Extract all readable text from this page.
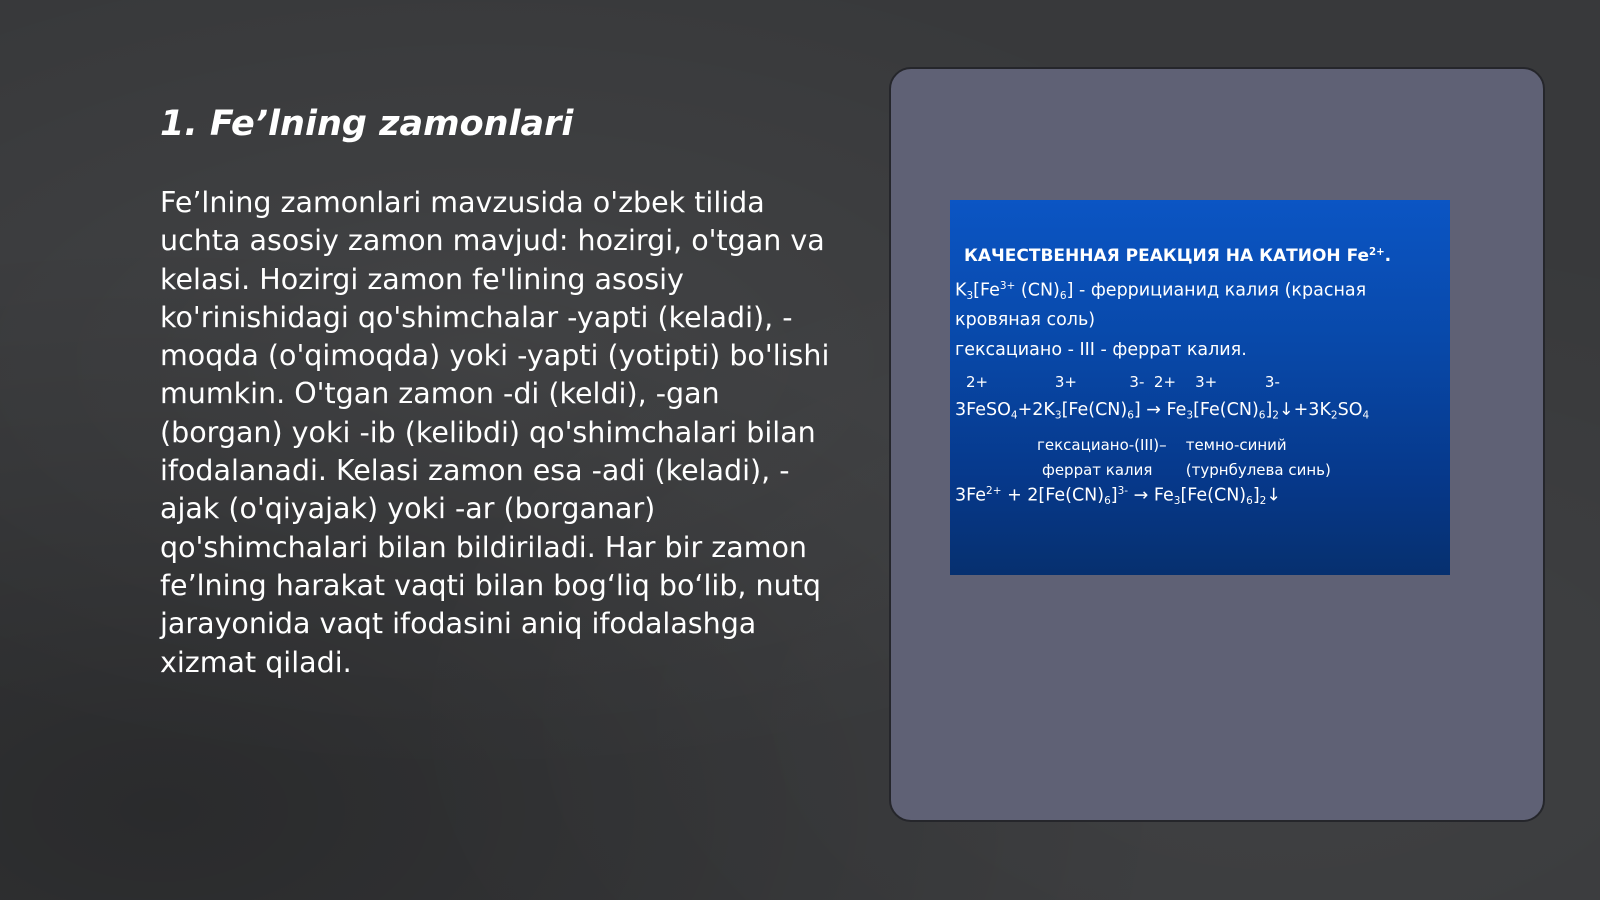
1. Fe’lning zamonlari

Fe’lning zamonlari mavzusida o'zbek tilida uchta asosiy zamon mavjud: hozirgi, o'tgan va kelasi. Hozirgi zamon fe'lining asosiy ko'rinishidagi qo'shimchalar -yapti (keladi), -moqda (o'qimoqda) yoki -yapti (yotipti) bo'lishi mumkin. O'tgan zamon -di (keldi), -gan (borgan) yoki -ib (kelibdi) qo'shimchalari bilan ifodalanadi. Kelasi zamon esa -adi (keladi), -ajak (o'qiyajak) yoki -ar (borganar) qo'shimchalari bilan bildiriladi. Har bir zamon fe’lning harakat vaqti bilan bog‘liq bo‘lib, nutq jarayonida vaqt ifodasini aniq ifodalashga xizmat qiladi.

КАЧЕСТВЕННАЯ РЕАКЦИЯ НА КАТИОН $Fe^{2+}$.
$K_3[Fe^{3+}$ $(CN)_6$] - феррицианид калия (красная
кровяная соль)
гексациано - III - феррат калия.
2+              3+           3-  2+    3+          3-
$3FeSO_4+2K_3[Fe(CN)_6]$ → $Fe_3[Fe(CN)_6]_2↓+3K_2SO_4$
гексациано-(III)–    темно-синий
феррат калия       (турнбулева синь)
$3Fe^{2+} + 2[Fe(CN)_6]^{3-}$ → $Fe_3[Fe(CN)_6]_2↓$
